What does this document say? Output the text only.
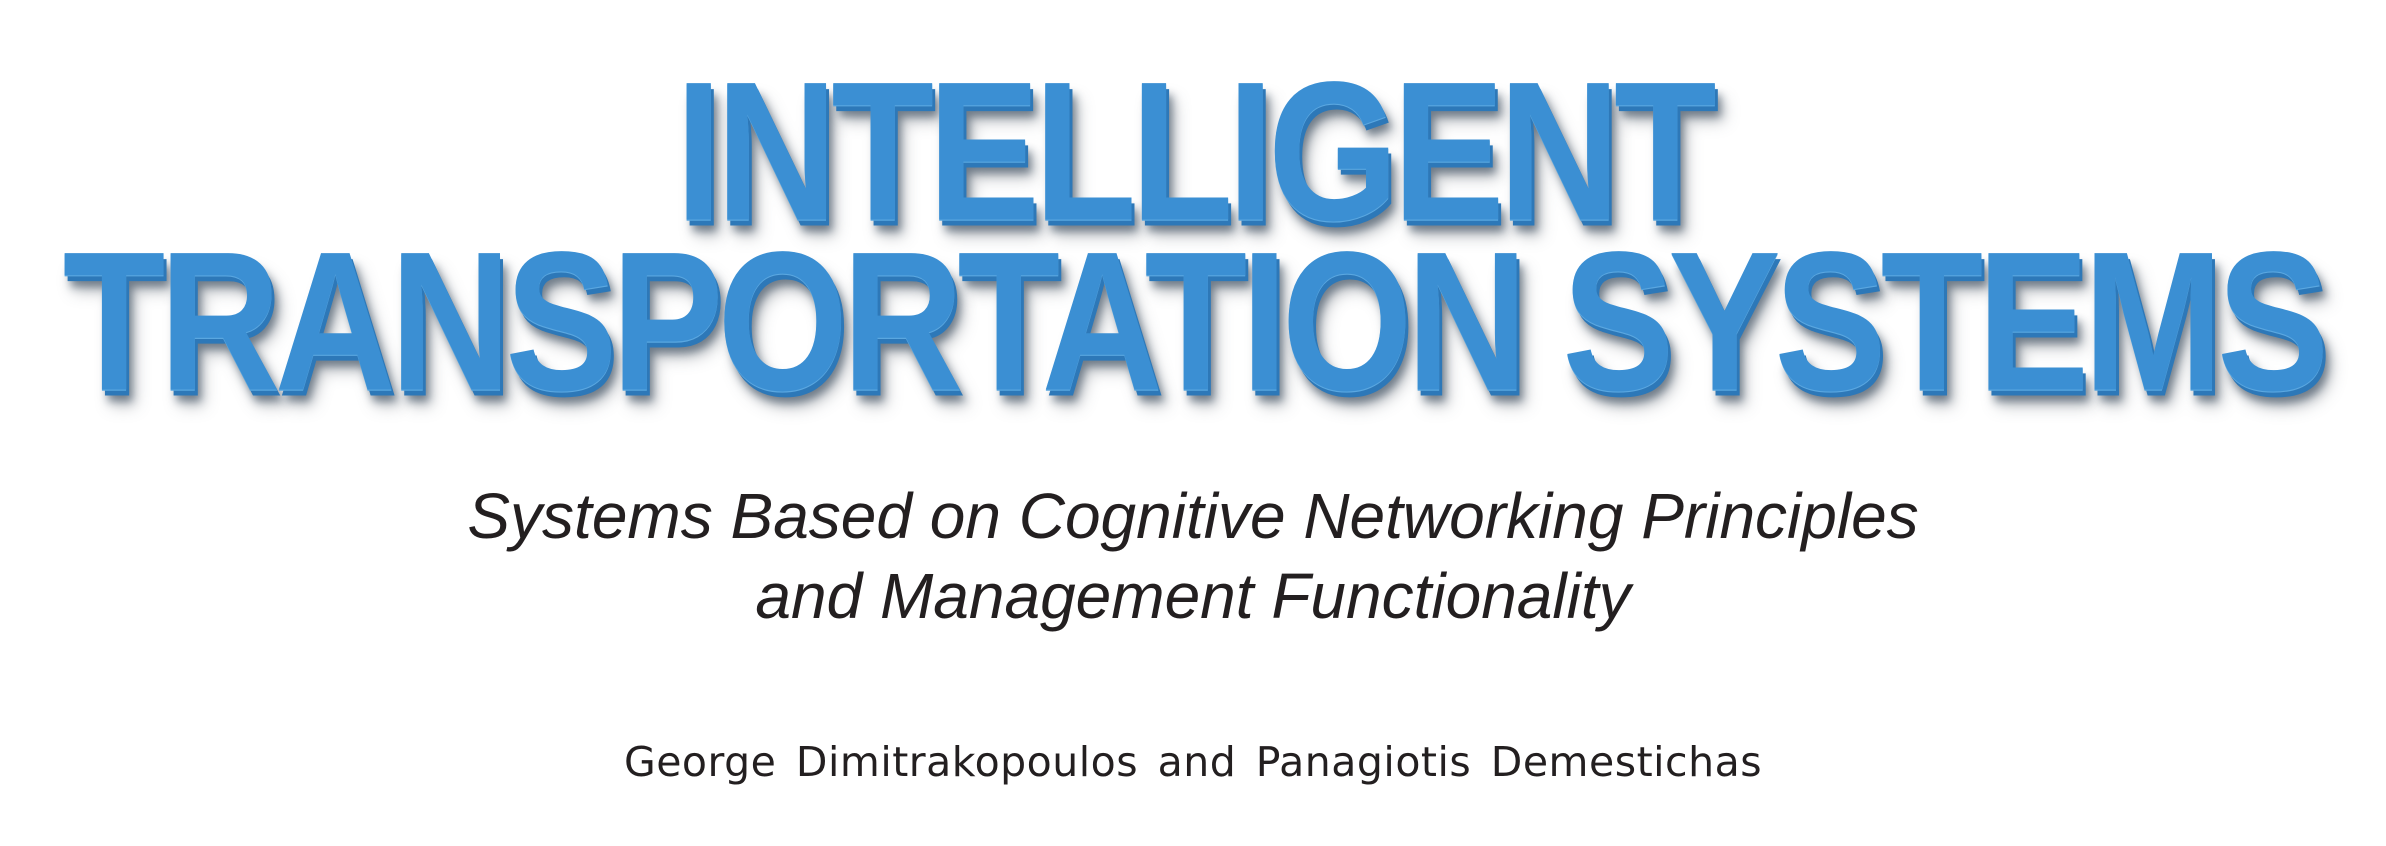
INTELLIGENT
TRANSPORTATION SYSTEMS
Systems Based on Cognitive Networking Principles
and Management Functionality
George Dimitrakopoulos and Panagiotis Demestichas
